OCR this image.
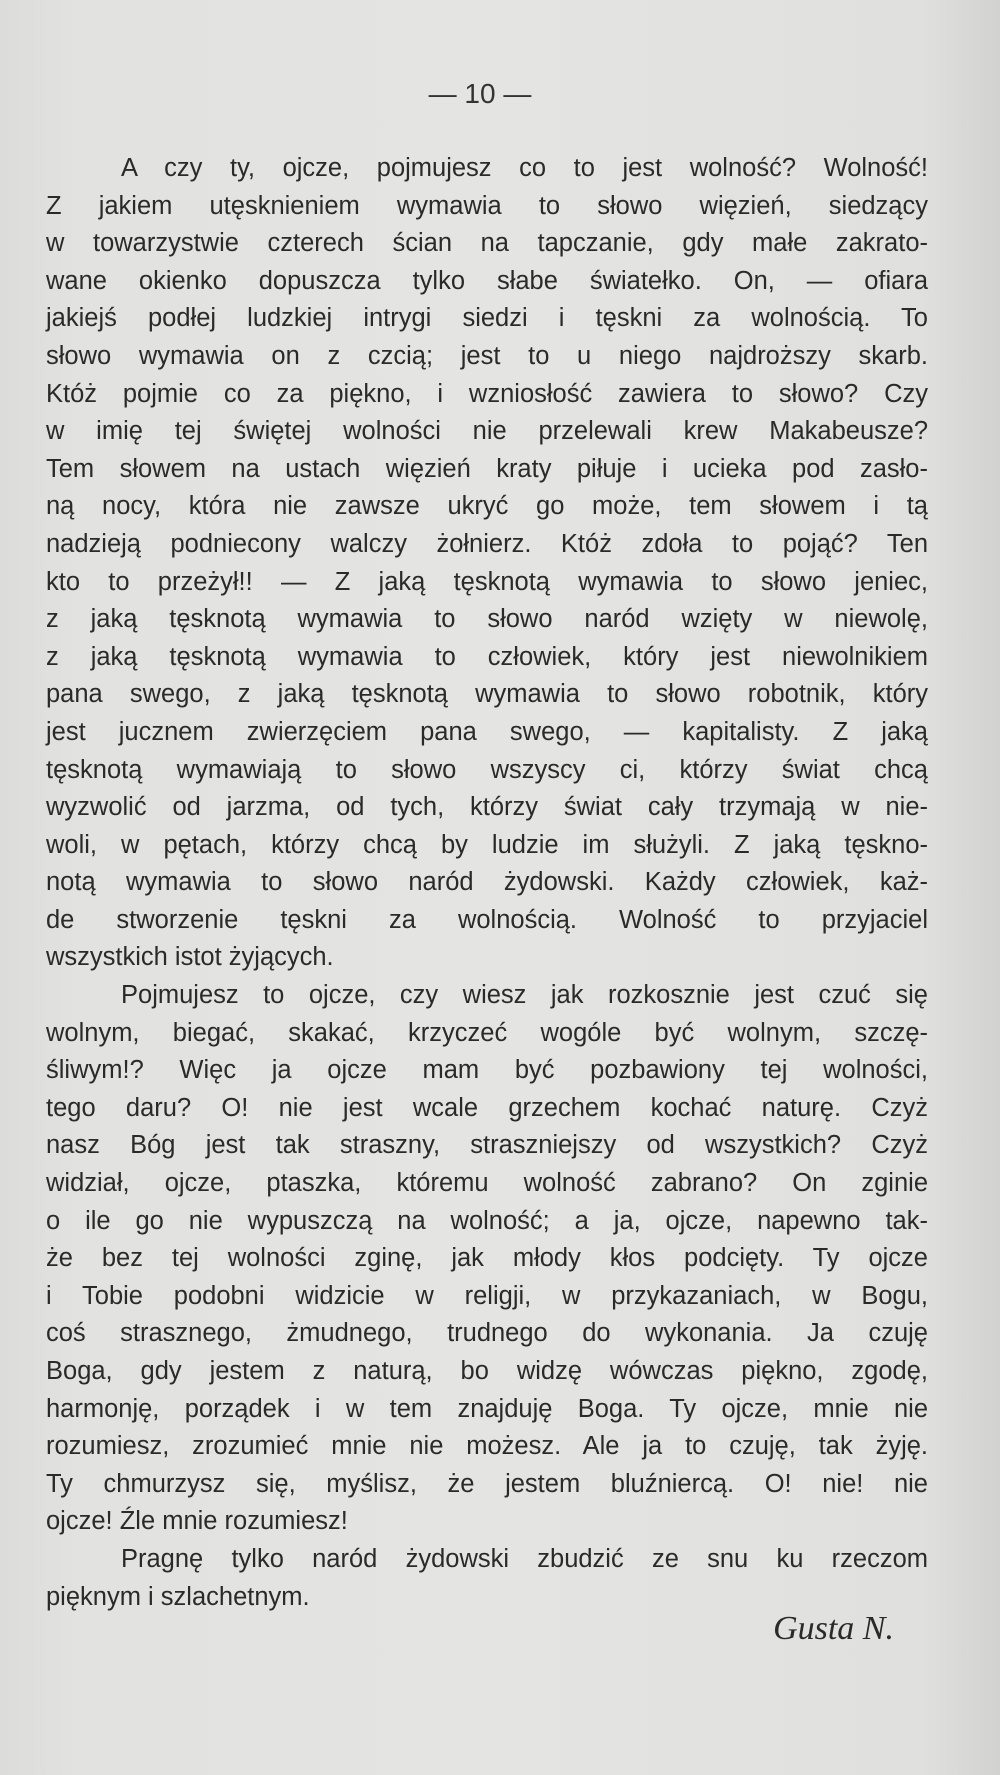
— 10 —
A czy ty, ojcze, pojmujesz co to jest wolność? Wolność!
Z jakiem utęsknieniem wymawia to słowo więzień, siedzący
w towarzystwie czterech ścian na tapczanie, gdy małe zakrato-
wane okienko dopuszcza tylko słabe światełko. On, — ofiara
jakiejś podłej ludzkiej intrygi siedzi i tęskni za wolnością. To
słowo wymawia on z czcią; jest to u niego najdroższy skarb.
Któż pojmie co za piękno, i wzniosłość zawiera to słowo? Czy
w imię tej świętej wolności nie przelewali krew Makabeusze?
Tem słowem na ustach więzień kraty piłuje i ucieka pod zasło-
ną nocy, która nie zawsze ukryć go może, tem słowem i tą
nadzieją podniecony walczy żołnierz. Któż zdoła to pojąć? Ten
kto to przeżył!! — Z jaką tęsknotą wymawia to słowo jeniec,
z jaką tęsknotą wymawia to słowo naród wzięty w niewolę,
z jaką tęsknotą wymawia to człowiek, który jest niewolnikiem
pana swego, z jaką tęsknotą wymawia to słowo robotnik, który
jest jucznem zwierzęciem pana swego, — kapitalisty. Z jaką
tęsknotą wymawiają to słowo wszyscy ci, którzy świat chcą
wyzwolić od jarzma, od tych, którzy świat cały trzymają w nie-
woli, w pętach, którzy chcą by ludzie im służyli. Z jaką tęskno-
notą wymawia to słowo naród żydowski. Każdy człowiek, każ-
de stworzenie tęskni za wolnością. Wolność to przyjaciel
wszystkich istot żyjących.
Pojmujesz to ojcze, czy wiesz jak rozkosznie jest czuć się
wolnym, biegać, skakać, krzyczeć wogóle być wolnym, szczę-
śliwym!? Więc ja ojcze mam być pozbawiony tej wolności,
tego daru? O! nie jest wcale grzechem kochać naturę. Czyż
nasz Bóg jest tak straszny, straszniejszy od wszystkich? Czyż
widział, ojcze, ptaszka, któremu wolność zabrano? On zginie
o ile go nie wypuszczą na wolność; a ja, ojcze, napewno tak-
że bez tej wolności zginę, jak młody kłos podcięty. Ty ojcze
i Tobie podobni widzicie w religji, w przykazaniach, w Bogu,
coś strasznego, żmudnego, trudnego do wykonania. Ja czuję
Boga, gdy jestem z naturą, bo widzę wówczas piękno, zgodę,
harmonję, porządek i w tem znajduję Boga. Ty ojcze, mnie nie
rozumiesz, zrozumieć mnie nie możesz. Ale ja to czuję, tak żyję.
Ty chmurzysz się, myślisz, że jestem bluźniercą. O! nie! nie
ojcze! Źle mnie rozumiesz!
Pragnę tylko naród żydowski zbudzić ze snu ku rzeczom
pięknym i szlachetnym.
Gusta N.
